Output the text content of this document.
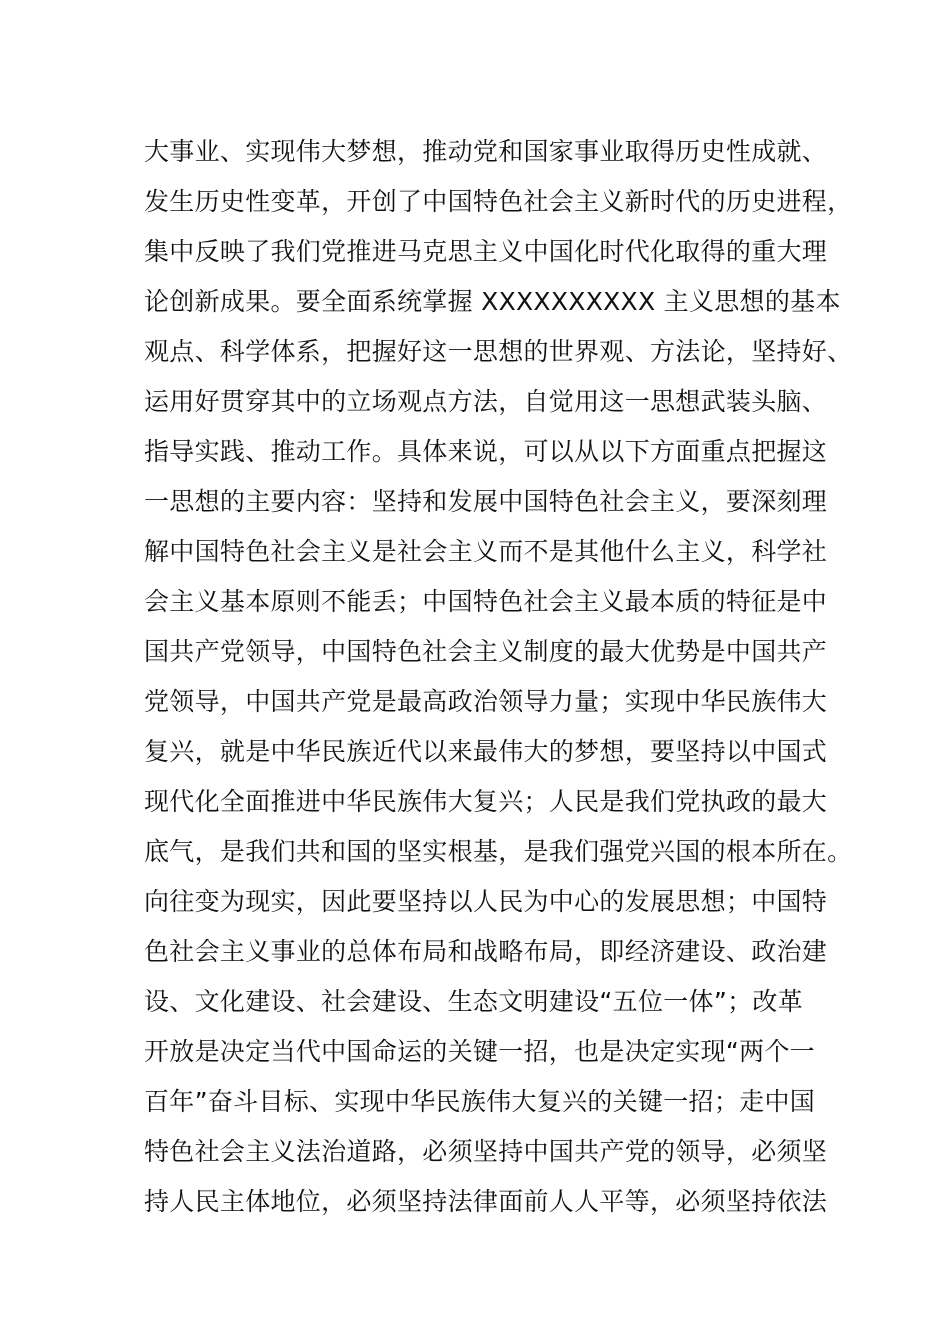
大事业、实现伟大梦想，推动党和国家事业取得历史性成就、
发生历史性变革，开创了中国特色社会主义新时代的历史进程，
集中反映了我们党推进马克思主义中国化时代化取得的重大理
论创新成果。要全面系统掌握 XXXXXXXXXX 主义思想的基本
观点、科学体系，把握好这一思想的世界观、方法论，坚持好、
运用好贯穿其中的立场观点方法，自觉用这一思想武装头脑、
指导实践、推动工作。具体来说，可以从以下方面重点把握这
一思想的主要内容：坚持和发展中国特色社会主义，要深刻理
解中国特色社会主义是社会主义而不是其他什么主义，科学社
会主义基本原则不能丢；中国特色社会主义最本质的特征是中
国共产党领导，中国特色社会主义制度的最大优势是中国共产
党领导，中国共产党是最高政治领导力量；实现中华民族伟大
复兴，就是中华民族近代以来最伟大的梦想，要坚持以中国式
现代化全面推进中华民族伟大复兴；人民是我们党执政的最大
底气，是我们共和国的坚实根基，是我们强党兴国的根本所在。
向往变为现实，因此要坚持以人民为中心的发展思想；中国特
色社会主义事业的总体布局和战略布局，即经济建设、政治建
设、文化建设、社会建设、生态文明建设“五位一体”；改革
开放是决定当代中国命运的关键一招，也是决定实现“两个一
百年”奋斗目标、实现中华民族伟大复兴的关键一招；走中国
特色社会主义法治道路，必须坚持中国共产党的领导，必须坚
持人民主体地位，必须坚持法律面前人人平等，必须坚持依法
